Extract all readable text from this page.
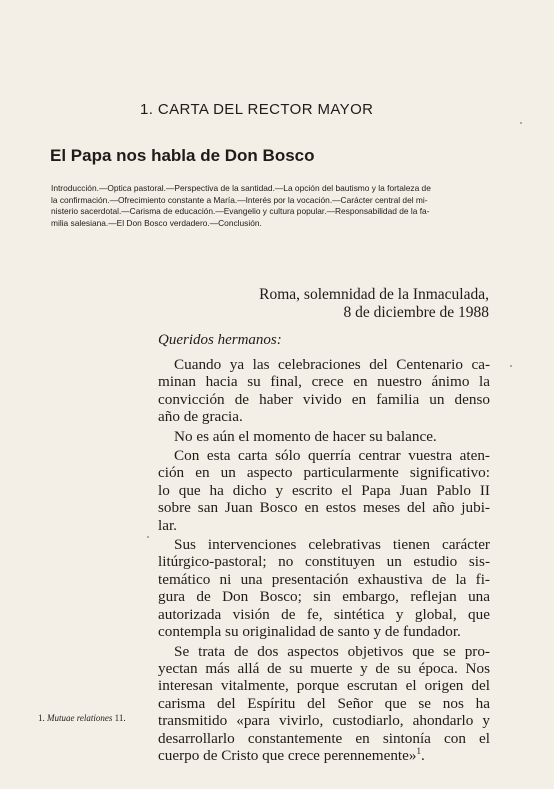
1. CARTA DEL RECTOR MAYOR
El Papa nos habla de Don Bosco
Introducción.—Optica pastoral.—Perspectiva de la santidad.—La opción del bautismo y la fortaleza de
la confirmación.—Ofrecimiento constante a María.—Interés por la vocación.—Carácter central del mi-
nisterio sacerdotal.—Carisma de educación.—Evangelio y cultura popular.—Responsabilidad de la fa-
milia salesiana.—El Don Bosco verdadero.—Conclusión.
Roma, solemnidad de la Inmaculada,
8 de diciembre de 1988
Queridos hermanos:
Cuando ya las celebraciones del Centenario ca-
minan hacia su final, crece en nuestro ánimo la
convicción de haber vivido en familia un denso
año de gracia.
No es aún el momento de hacer su balance.
Con esta carta sólo querría centrar vuestra aten-
ción en un aspecto particularmente significativo:
lo que ha dicho y escrito el Papa Juan Pablo II
sobre san Juan Bosco en estos meses del año jubi-
lar.
Sus intervenciones celebrativas tienen carácter
litúrgico-pastoral; no constituyen un estudio sis-
temático ni una presentación exhaustiva de la fi-
gura de Don Bosco; sin embargo, reflejan una
autorizada visión de fe, sintética y global, que
contempla su originalidad de santo y de fundador.
Se trata de dos aspectos objetivos que se pro-
yectan más allá de su muerte y de su época. Nos
interesan vitalmente, porque escrutan el origen del
carisma del Espíritu del Señor que se nos ha
transmitido «para vivirlo, custodiarlo, ahondarlo y
desarrollarlo constantemente en sintonía con el
cuerpo de Cristo que crece perennemente»$^1$.
1. Mutuae relationes 11.
